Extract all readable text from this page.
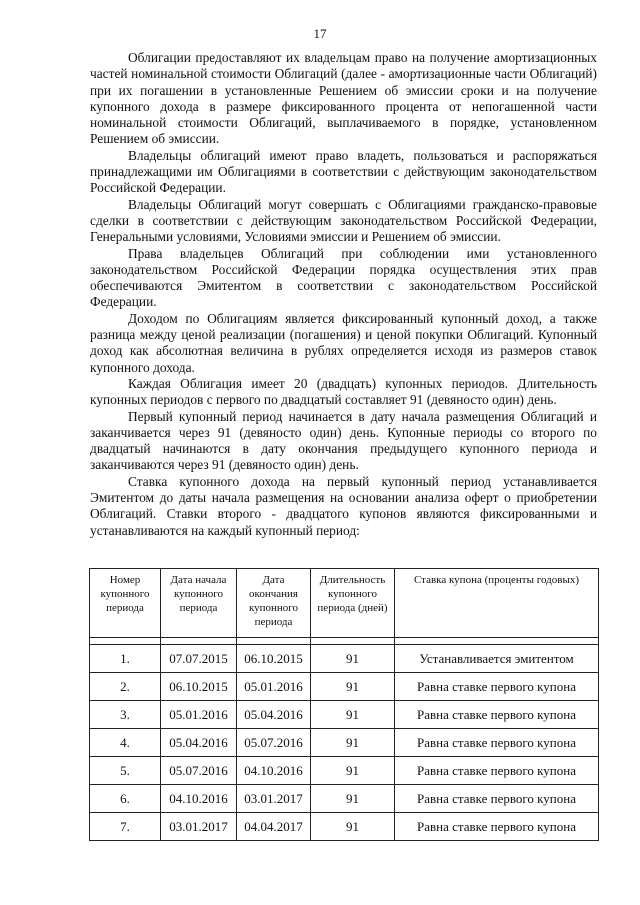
17

Облигации предоставляют их владельцам право на получение амортизационных частей номинальной стоимости Облигаций (далее - амортизационные части Облигаций) при их погашении в установленные Решением об эмиссии сроки и на получение купонного дохода в размере фиксированного процента от непогашенной части номинальной стоимости Облигаций, выплачиваемого в порядке, установленном Решением об эмиссии.

Владельцы облигаций имеют право владеть, пользоваться и распоряжаться принадлежащими им Облигациями в соответствии с действующим законодательством Российской Федерации.

Владельцы Облигаций могут совершать с Облигациями гражданско-правовые сделки в соответствии с действующим законодательством Российской Федерации, Генеральными условиями, Условиями эмиссии и Решением об эмиссии.

Права владельцев Облигаций при соблюдении ими установленного законодательством Российской Федерации порядка осуществления этих прав обеспечиваются Эмитентом в соответствии с законодательством Российской Федерации.

Доходом по Облигациям является фиксированный купонный доход, а также разница между ценой реализации (погашения) и ценой покупки Облигаций. Купонный доход как абсолютная величина в рублях определяется исходя из размеров ставок купонного дохода.

Каждая Облигация имеет 20 (двадцать) купонных периодов. Длительность купонных периодов с первого по двадцатый составляет 91 (девяносто один) день.

Первый купонный период начинается в дату начала размещения Облигаций и заканчивается через 91 (девяносто один) день. Купонные периоды со второго по двадцатый начинаются в дату окончания предыдущего купонного периода и заканчиваются через 91 (девяносто один) день.

Ставка купонного дохода на первый купонный период устанавливается Эмитентом до даты начала размещения на основании анализа оферт о приобретении Облигаций. Ставки второго - двадцатого купонов являются фиксированными и устанавливаются на каждый купонный период:

Номер купонного периода	Дата начала купонного периода	Дата окончания купонного периода	Длительность купонного периода (дней)	Ставка купона (проценты годовых)

1.	07.07.2015	06.10.2015	91	Устанавливается эмитентом
2.	06.10.2015	05.01.2016	91	Равна ставке первого купона
3.	05.01.2016	05.04.2016	91	Равна ставке первого купона
4.	05.04.2016	05.07.2016	91	Равна ставке первого купона
5.	05.07.2016	04.10.2016	91	Равна ставке первого купона
6.	04.10.2016	03.01.2017	91	Равна ставке первого купона
7.	03.01.2017	04.04.2017	91	Равна ставке первого купона
